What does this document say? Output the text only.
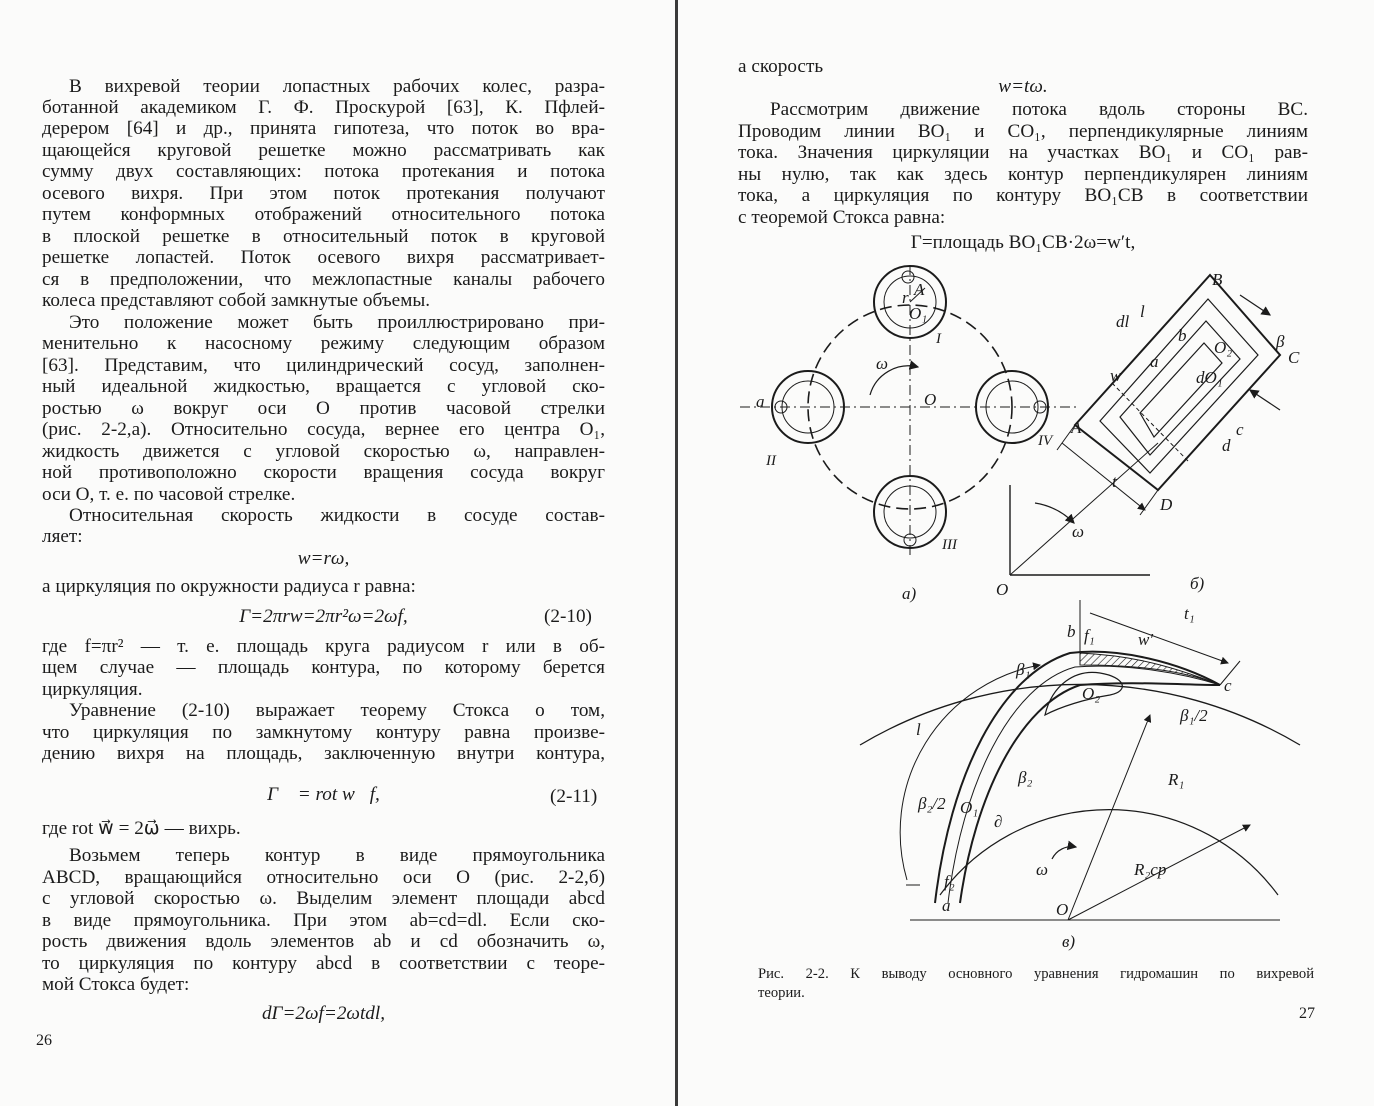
В вихревой теории лопастных рабочих колес, разра-
ботанной академиком Г. Ф. Проскурой [63], К. Пфлей-
дерером [64] и др., принята гипотеза, что поток во вра-
щающейся круговой решетке можно рассматривать как
сумму двух составляющих: потока протекания и потока
осевого вихря. При этом поток протекания получают
путем конформных отображений относительного потока
в плоской решетке в относительный поток в круговой
решетке лопастей. Поток осевого вихря рассматривает-
ся в предположении, что межлопастные каналы рабочего
колеса представляют собой замкнутые объемы.
Это положение может быть проиллюстрировано при-
менительно к насосному режиму следующим образом
[63]. Представим, что цилиндрический сосуд, заполнен-
ный идеальной жидкостью, вращается с угловой ско-
ростью ω вокруг оси O против часовой стрелки
(рис. 2-2,а). Относительно сосуда, вернее его центра O₁,
жидкость движется с угловой скоростью ω, направлен-
ной противоположно скорости вращения сосуда вокруг
оси O, т. е. по часовой стрелке.
Относительная скорость жидкости в сосуде состав-
ляет:
w=rω,
а циркуляция по окружности радиуса r равна:
Γ=2πrw=2πr²ω=2ωf,	(2-10)
где f=πr² — т. е. площадь круга радиусом r или в об-
щем случае — площадь контура, по которому берется
циркуляция.
Уравнение (2-10) выражает теорему Стокса о том,
что циркуляция по замкнутому контуру равна произве-
дению вихря на площадь, заключенную внутри контура,
Γ⃗ = rot w⃗f,	(2-11)
где rot w⃗ = 2ω⃗ — вихрь.
Возьмем теперь контур в виде прямоугольника
ABCD, вращающийся относительно оси O (рис. 2-2,б)
с угловой скоростью ω. Выделим элемент площади abcd
в виде прямоугольника. При этом ab=cd=dl. Если ско-
рость движения вдоль элементов ab и cd обозначить ω,
то циркуляция по контуру abcd в соответствии с теоре-
мой Стокса будет:
dΓ=2ωf=2ωtdl,
26
а скорость
w=tω.
Рассмотрим движение потока вдоль стороны BC.
Проводим линии BO₁ и CO₁, перпендикулярные линиям
тока. Значения циркуляции на участках BO₁ и CO₁ рав-
ны нулю, так как здесь контур перпендикулярен линиям
тока, а циркуляция по контуру BO₁CB в соответствии
с теоремой Стокса равна:
Γ=площадь BO₁CB·2ω=w′t,
O
A
O₁
r
ω
a
I
II
III
IV
а)
A
B
C
D
O
O₂
dO₁
a
b
c
d
dl
l
t
w
β
ω
б)
a
b
c
f₁
f₂
w′
t₁
β₁
β₁/2
β₂
β₂/2 O₁
O₂
R₁
R₂ср
l
ω
O
∂
в)
Рис. 2-2. К выводу основного уравнения гидромашин по вихревой
теории.
27
